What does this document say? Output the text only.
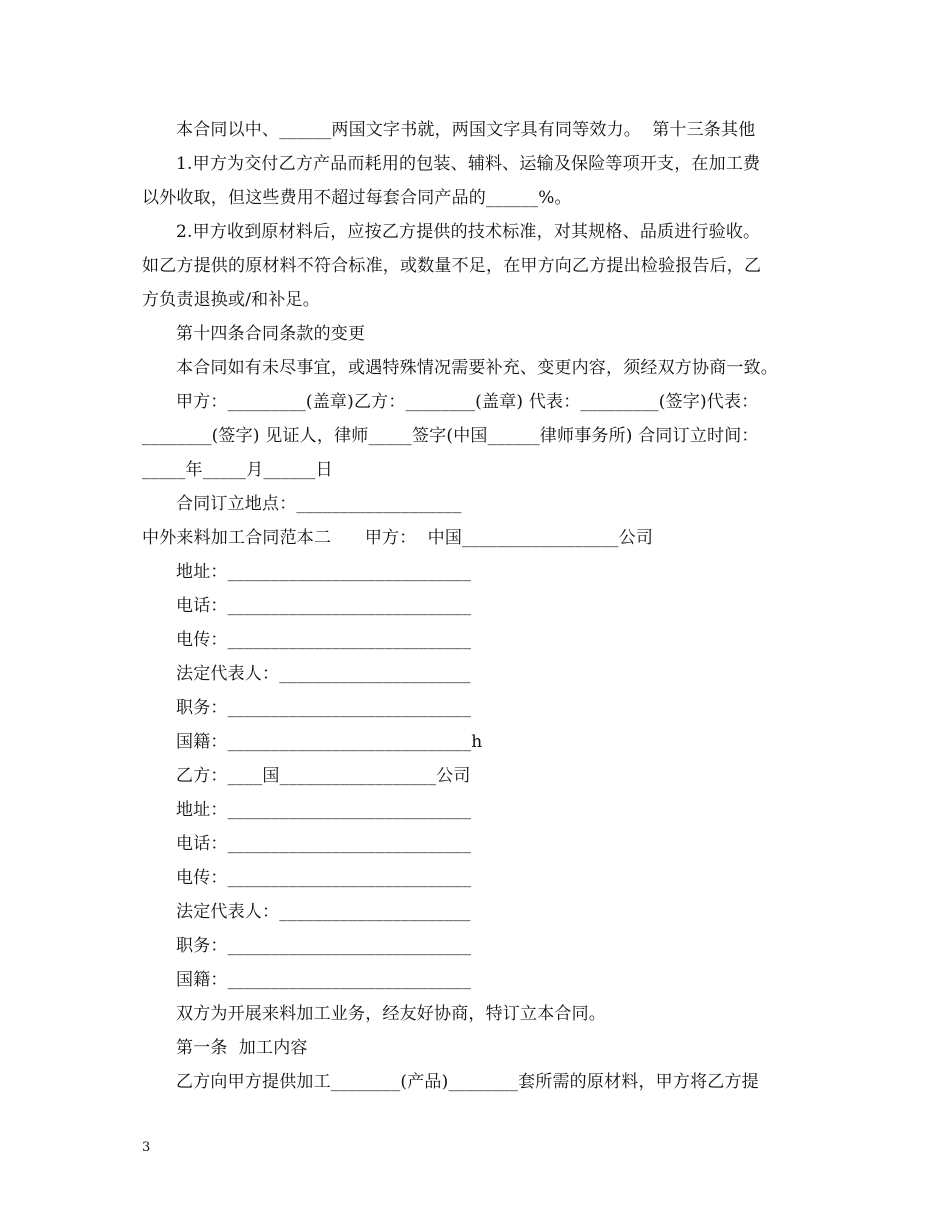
本合同以中、______两国文字书就，两国文字具有同等效力。  第十三条其他
1.甲方为交付乙方产品而耗用的包装、辅料、运输及保险等项开支，在加工费
以外收取，但这些费用不超过每套合同产品的______%。
2.甲方收到原材料后，应按乙方提供的技术标准，对其规格、品质进行验收。
如乙方提供的原材料不符合标准，或数量不足，在甲方向乙方提出检验报告后，乙
方负责退换或/和补足。
第十四条合同条款的变更
本合同如有未尽事宜，或遇特殊情况需要补充、变更内容，须经双方协商一致。
甲方：_________(盖章)乙方：________(盖章) 代表：_________(签字)代表：
________(签字) 见证人，律师_____签字(中国______律师事务所) 合同订立时间：
_____年_____月______日
合同订立地点：___________________
中外来料加工合同范本二      甲方：  中国__________________公司
地址：____________________________
电话：____________________________
电传：____________________________
法定代表人：______________________
职务：____________________________
国籍：____________________________h
乙方：____国__________________公司
地址：____________________________
电话：____________________________
电传：____________________________
法定代表人：______________________
职务：____________________________
国籍：____________________________
双方为开展来料加工业务，经友好协商，特订立本合同。
第一条  加工内容
乙方向甲方提供加工________(产品)________套所需的原材料，甲方将乙方提
3
